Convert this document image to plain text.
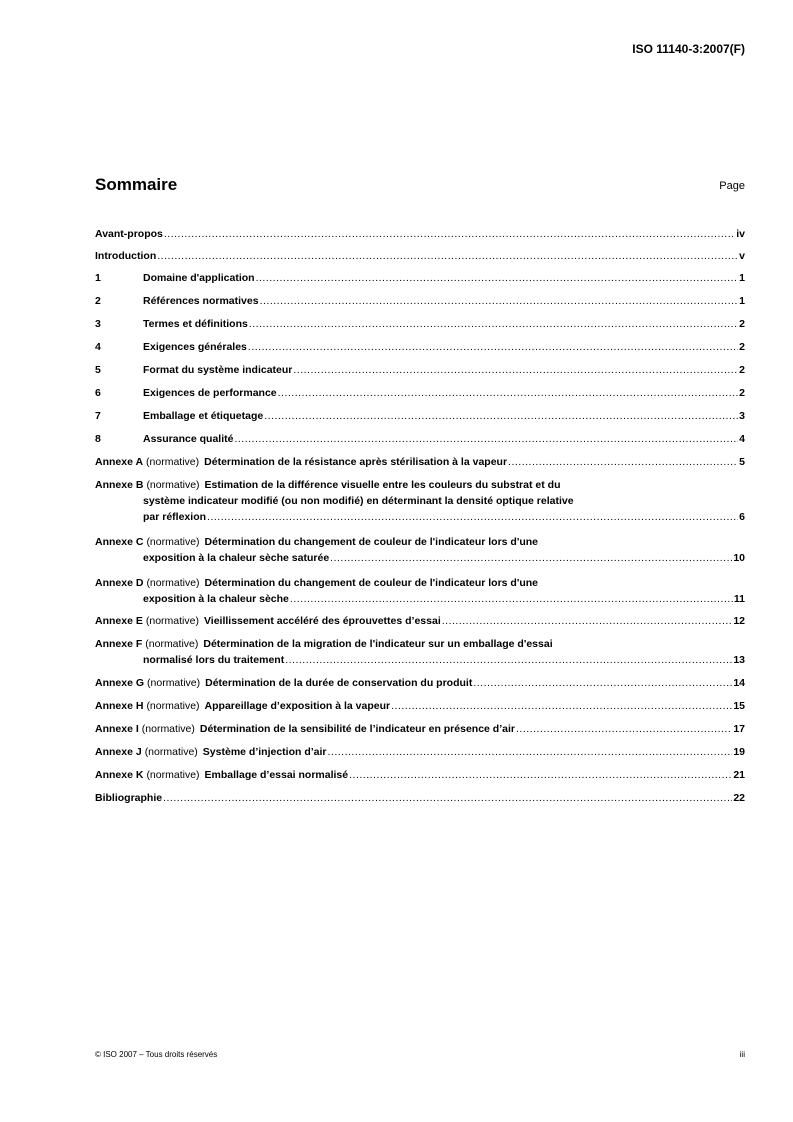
ISO 11140-3:2007(F)
Sommaire	Page
Avant-propos .....	iv
Introduction .....	v
1	Domaine d'application .....	1
2	Références normatives .....	1
3	Termes et définitions .....	2
4	Exigences générales .....	2
5	Format du système indicateur .....	2
6	Exigences de performance .....	2
7	Emballage et étiquetage .....	3
8	Assurance qualité .....	4
Annexe A (normative) Détermination de la résistance après stérilisation à la vapeur .....	5
Annexe B (normative) Estimation de la différence visuelle entre les couleurs du substrat et du
système indicateur modifié (ou non modifié) en déterminant la densité optique relative
par réflexion .....	6
Annexe C (normative) Détermination du changement de couleur de l'indicateur lors d'une
exposition à la chaleur sèche saturée .....	10
Annexe D (normative) Détermination du changement de couleur de l'indicateur lors d'une
exposition à la chaleur sèche .....	11
Annexe E (normative) Vieillissement accéléré des éprouvettes d’essai .....	12
Annexe F (normative) Détermination de la migration de l'indicateur sur un emballage d'essai
normalisé lors du traitement .....	13
Annexe G (normative) Détermination de la durée de conservation du produit .....	14
Annexe H (normative) Appareillage d’exposition à la vapeur .....	15
Annexe I (normative) Détermination de la sensibilité de l’indicateur en présence d’air .....	17
Annexe J (normative) Système d’injection d’air .....	19
Annexe K (normative) Emballage d’essai normalisé .....	21
Bibliographie .....	22
© ISO 2007 – Tous droits réservés	iii
